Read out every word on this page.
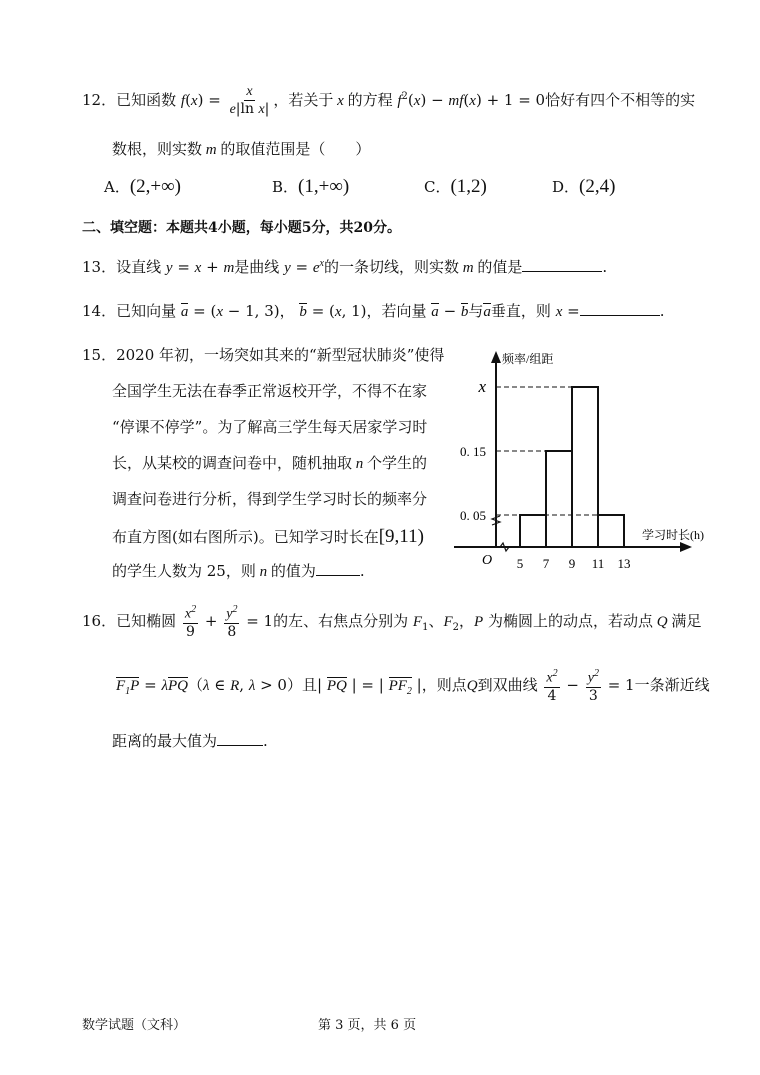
12．已知函数 $f(x) = \frac{x}{\text{e|ln x|}}$ ，若关于 x 的方程 $f^2(x) - mf(x) + 1 = 0$恰好有四个不相等的实
数根，则实数 m 的取值范围是（　　）
A．(2,+∞)	B．(1,+∞)	C．(1,2)	D．(2,4)
二、填空题：本题共4小题，每小题5分，共20分。
13．设直线 y = x + m是曲线 $y = e^x$的一条切线，则实数 m 的值是	.
14．已知向量 a = (x − 1, 3)， b = (x, 1)，若向量 a − b与a垂直，则 x =	.
15．2020 年初，一场突如其来的“新型冠状肺炎”使得
全国学生无法在春季正常返校开学，不得不在家
“停课不停学”。为了解高三学生每天居家学习时
长，从某校的调查问卷中，随机抽取 n 个学生的
调查问卷进行分析，得到学生学习时长的频率分
布直方图(如右图所示)。已知学习时长在[9,11)
的学生人数为 25，则 n 的值为	.
0. 05
0. 15
x
5 7 9 11 13
O
频率/组距
学习时长(h)
16．已知椭圆 $\frac{x^2}{9} + \frac{y^2}{8} = 1$的左、右焦点分别为 $F_1$、$F_2$，P 为椭圆上的动点，若动点 Q 满足
$F_1P = \lambda PQ(\lambda$ ∈ R, λ > 0）且| PQ | = | $PF_2$ |，则点Q到双曲线 $\frac{x^2}{4} - \frac{y^2}{3} = 1$一条渐近线
距离的最大值为	.
数学试题（文科）	第 3 页，共 6 页
